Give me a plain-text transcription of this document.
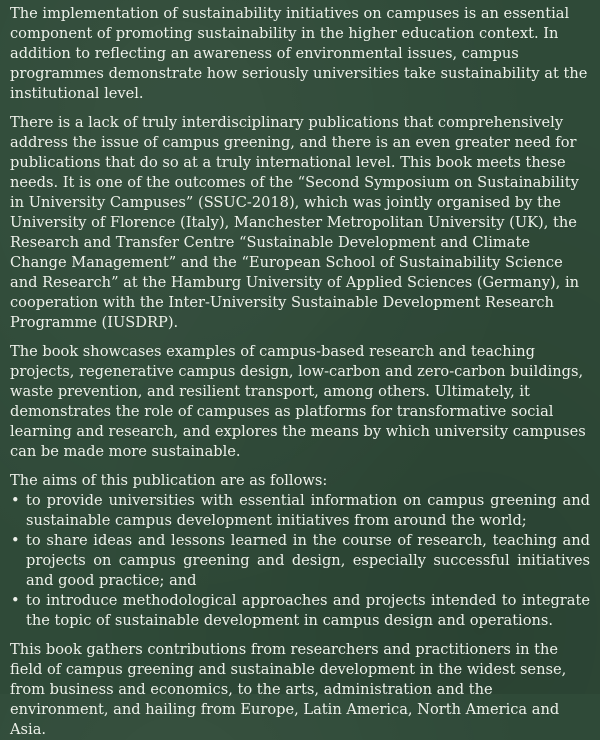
The implementation of sustainability initiatives on campuses is an essential component of promoting sustainability in the higher education context. In addition to reflecting an awareness of environmental issues, campus programmes demonstrate how seriously universities take sustainability at the institutional level.

There is a lack of truly interdisciplinary publications that comprehensively address the issue of campus greening, and there is an even greater need for publications that do so at a truly international level. This book meets these needs. It is one of the outcomes of the “Second Symposium on Sustainability in University Campuses” (SSUC-2018), which was jointly organised by the University of Florence (Italy), Manchester Metropolitan University (UK), the Research and Transfer Centre “Sustainable Development and Climate Change Management” and the “European School of Sustainability Science and Research” at the Hamburg University of Applied Sciences (Germany), in cooperation with the Inter-University Sustainable Development Research Programme (IUSDRP).

The book showcases examples of campus-based research and teaching projects, regenerative campus design, low-carbon and zero-carbon buildings, waste prevention, and resilient transport, among others. Ultimately, it demonstrates the role of campuses as platforms for transformative social learning and research, and explores the means by which university campuses can be made more sustainable.

The aims of this publication are as follows:

• to provide universities with essential information on campus greening and sustainable campus development initiatives from around the world;
• to share ideas and lessons learned in the course of research, teaching and projects on campus greening and design, especially successful initiatives and good practice; and
• to introduce methodological approaches and projects intended to integrate the topic of sustainable development in campus design and operations.

This book gathers contributions from researchers and practitioners in the field of campus greening and sustainable development in the widest sense, from business and economics, to the arts, administration and the environment, and hailing from Europe, Latin America, North America and Asia.
